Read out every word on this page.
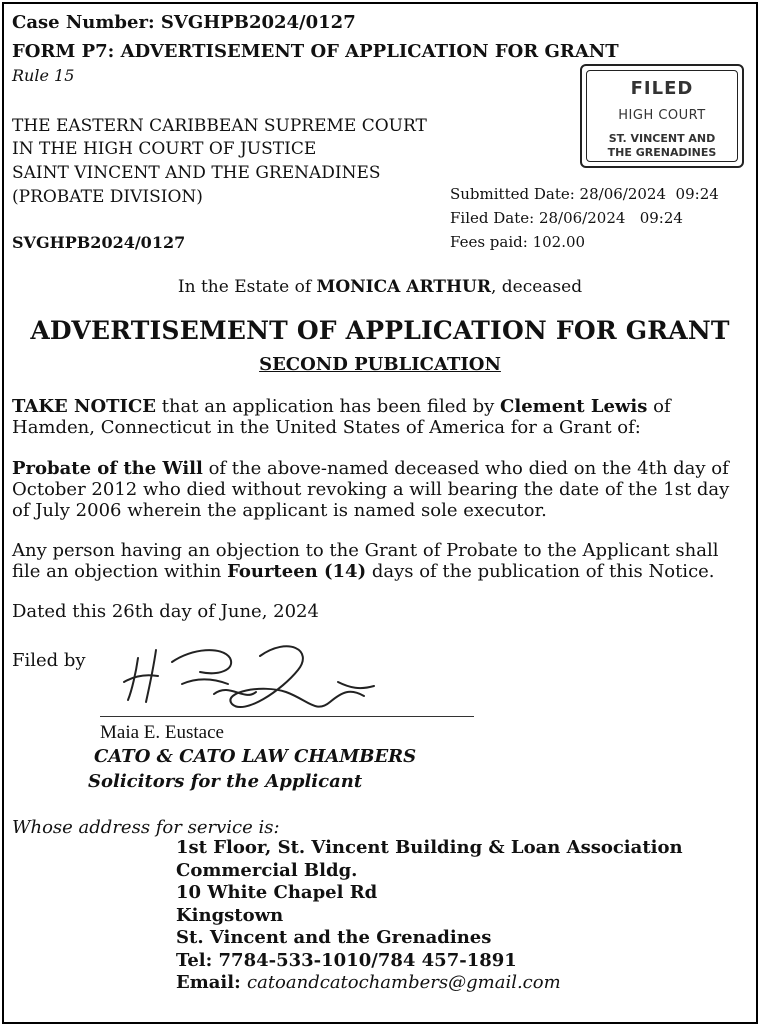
Case Number: SVGHPB2024/0127
FORM P7: ADVERTISEMENT OF APPLICATION FOR GRANT
Rule 15
FILED
HIGH COURT
ST. VINCENT AND
THE GRENADINES
THE EASTERN CARIBBEAN SUPREME COURT
IN THE HIGH COURT OF JUSTICE
SAINT VINCENT AND THE GRENADINES
(PROBATE DIVISION)
SVGHPB2024/0127
Submitted Date: 28/06/2024  09:24
Filed Date: 28/06/2024   09:24
Fees paid: 102.00
In the Estate of MONICA ARTHUR, deceased
ADVERTISEMENT OF APPLICATION FOR GRANT
SECOND PUBLICATION
TAKE NOTICE that an application has been filed by Clement Lewis of Hamden, Connecticut in the United States of America for a Grant of:
Probate of the Will of the above-named deceased who died on the 4th day of October 2012 who died without revoking a will bearing the date of the 1st day of July 2006 wherein the applicant is named sole executor.
Any person having an objection to the Grant of Probate to the Applicant shall file an objection within Fourteen (14) days of the publication of this Notice.
Dated this 26th day of June, 2024
Filed by
Maia E. Eustace
CATO & CATO LAW CHAMBERS
Solicitors for the Applicant
Whose address for service is:
1st Floor, St. Vincent Building & Loan Association
Commercial Bldg.
10 White Chapel Rd
Kingstown
St. Vincent and the Grenadines
Tel: 7784-533-1010/784 457-1891
Email: catoandcatochambers@gmail.com
